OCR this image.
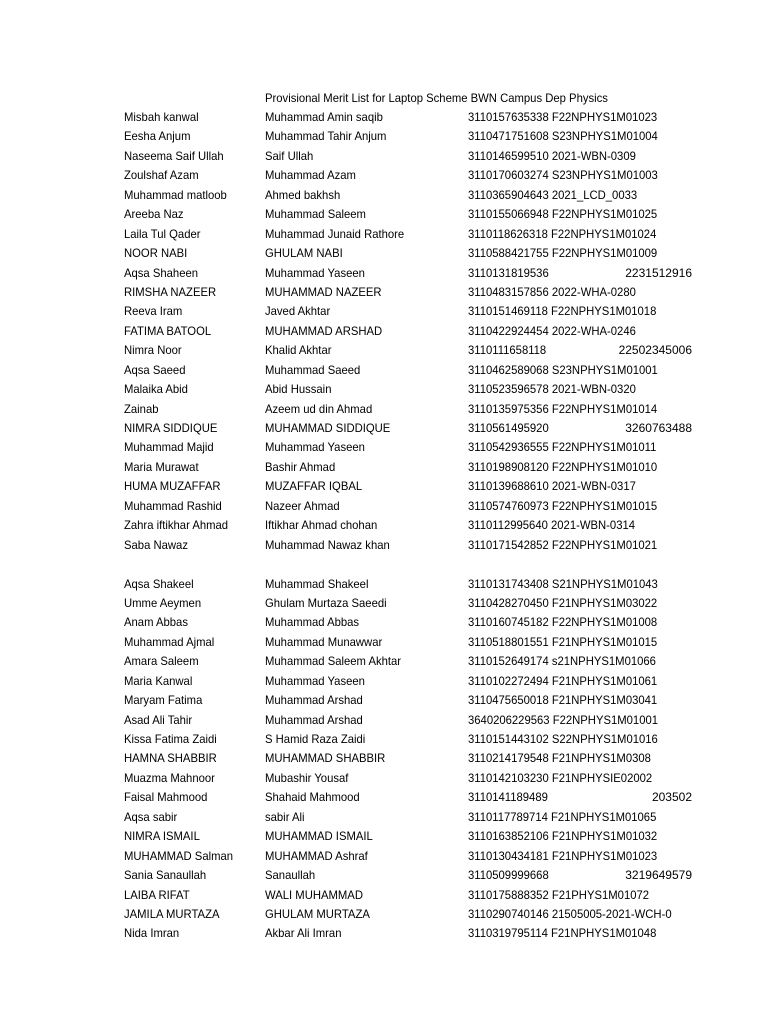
Provisional Merit List for Laptop Scheme BWN Campus Dep Physics
Misbah kanwal	Muhammad Amin saqib	3110157635338 F22NPHYS1M01023
Eesha Anjum	Muhammad Tahir Anjum	3110471751608 S23NPHYS1M01004
Naseema Saif Ullah	Saif Ullah	3110146599510 2021-WBN-0309
Zoulshaf Azam	Muhammad Azam	3110170603274 S23NPHYS1M01003
Muhammad matloob	Ahmed bakhsh	3110365904643 2021_LCD_0033
Areeba Naz	Muhammad Saleem	3110155066948 F22NPHYS1M01025
Laila Tul Qader	Muhammad Junaid Rathore	3110118626318 F22NPHYS1M01024
NOOR NABI	GHULAM NABI	3110588421755 F22NPHYS1M01009
Aqsa Shaheen	Muhammad Yaseen	3110131819536	2231512916
RIMSHA NAZEER	MUHAMMAD NAZEER	3110483157856 2022-WHA-0280
Reeva Iram	Javed Akhtar	3110151469118 F22NPHYS1M01018
FATIMA BATOOL	MUHAMMAD ARSHAD	3110422924454 2022-WHA-0246
Nimra Noor	Khalid Akhtar	3110111658118	22502345006
Aqsa Saeed	Muhammad Saeed	3110462589068 S23NPHYS1M01001
Malaika Abid	Abid Hussain	3110523596578 2021-WBN-0320
Zainab	Azeem ud din Ahmad	3110135975356 F22NPHYS1M01014
NIMRA SIDDIQUE	MUHAMMAD SIDDIQUE	3110561495920	3260763488
Muhammad Majid	Muhammad Yaseen	3110542936555 F22NPHYS1M01011
Maria Murawat	Bashir Ahmad	3110198908120 F22NPHYS1M01010
HUMA MUZAFFAR	MUZAFFAR IQBAL	3110139688610 2021-WBN-0317
Muhammad Rashid	Nazeer Ahmad	3110574760973 F22NPHYS1M01015
Zahra iftikhar Ahmad	Iftikhar Ahmad chohan	3110112995640 2021-WBN-0314
Saba Nawaz	Muhammad Nawaz khan	3110171542852 F22NPHYS1M01021
Aqsa Shakeel	Muhammad Shakeel	3110131743408 S21NPHYS1M01043
Umme Aeymen	Ghulam Murtaza Saeedi	3110428270450 F21NPHYS1M03022
Anam Abbas	Muhammad Abbas	3110160745182 F22NPHYS1M01008
Muhammad Ajmal	Muhammad Munawwar	3110518801551 F21NPHYS1M01015
Amara Saleem	Muhammad Saleem Akhtar	3110152649174 s21NPHYS1M01066
Maria Kanwal	Muhammad Yaseen	3110102272494 F21NPHYS1M01061
Maryam Fatima	Muhammad Arshad	3110475650018 F21NPHYS1M03041
Asad Ali Tahir	Muhammad Arshad	3640206229563 F22NPHYS1M01001
Kissa Fatima Zaidi	S Hamid Raza Zaidi	3110151443102 S22NPHYS1M01016
HAMNA SHABBIR	MUHAMMAD SHABBIR	3110214179548 F21NPHYS1M0308
Muazma Mahnoor	Mubashir Yousaf	3110142103230 F21NPHYSIE02002
Faisal Mahmood	Shahaid Mahmood	3110141189489	203502
Aqsa sabir	sabir Ali	3110117789714 F21NPHYS1M01065
NIMRA ISMAIL	MUHAMMAD ISMAIL	3110163852106 F21NPHYS1M01032
MUHAMMAD Salman	MUHAMMAD Ashraf	3110130434181 F21NPHYS1M01023
Sania Sanaullah	Sanaullah	3110509999668	3219649579
LAIBA RIFAT	WALI MUHAMMAD	3110175888352 F21PHYS1M01072
JAMILA MURTAZA	GHULAM MURTAZA	3110290740146 21505005-2021-WCH-0
Nida Imran	Akbar Ali Imran	3110319795114 F21NPHYS1M01048
